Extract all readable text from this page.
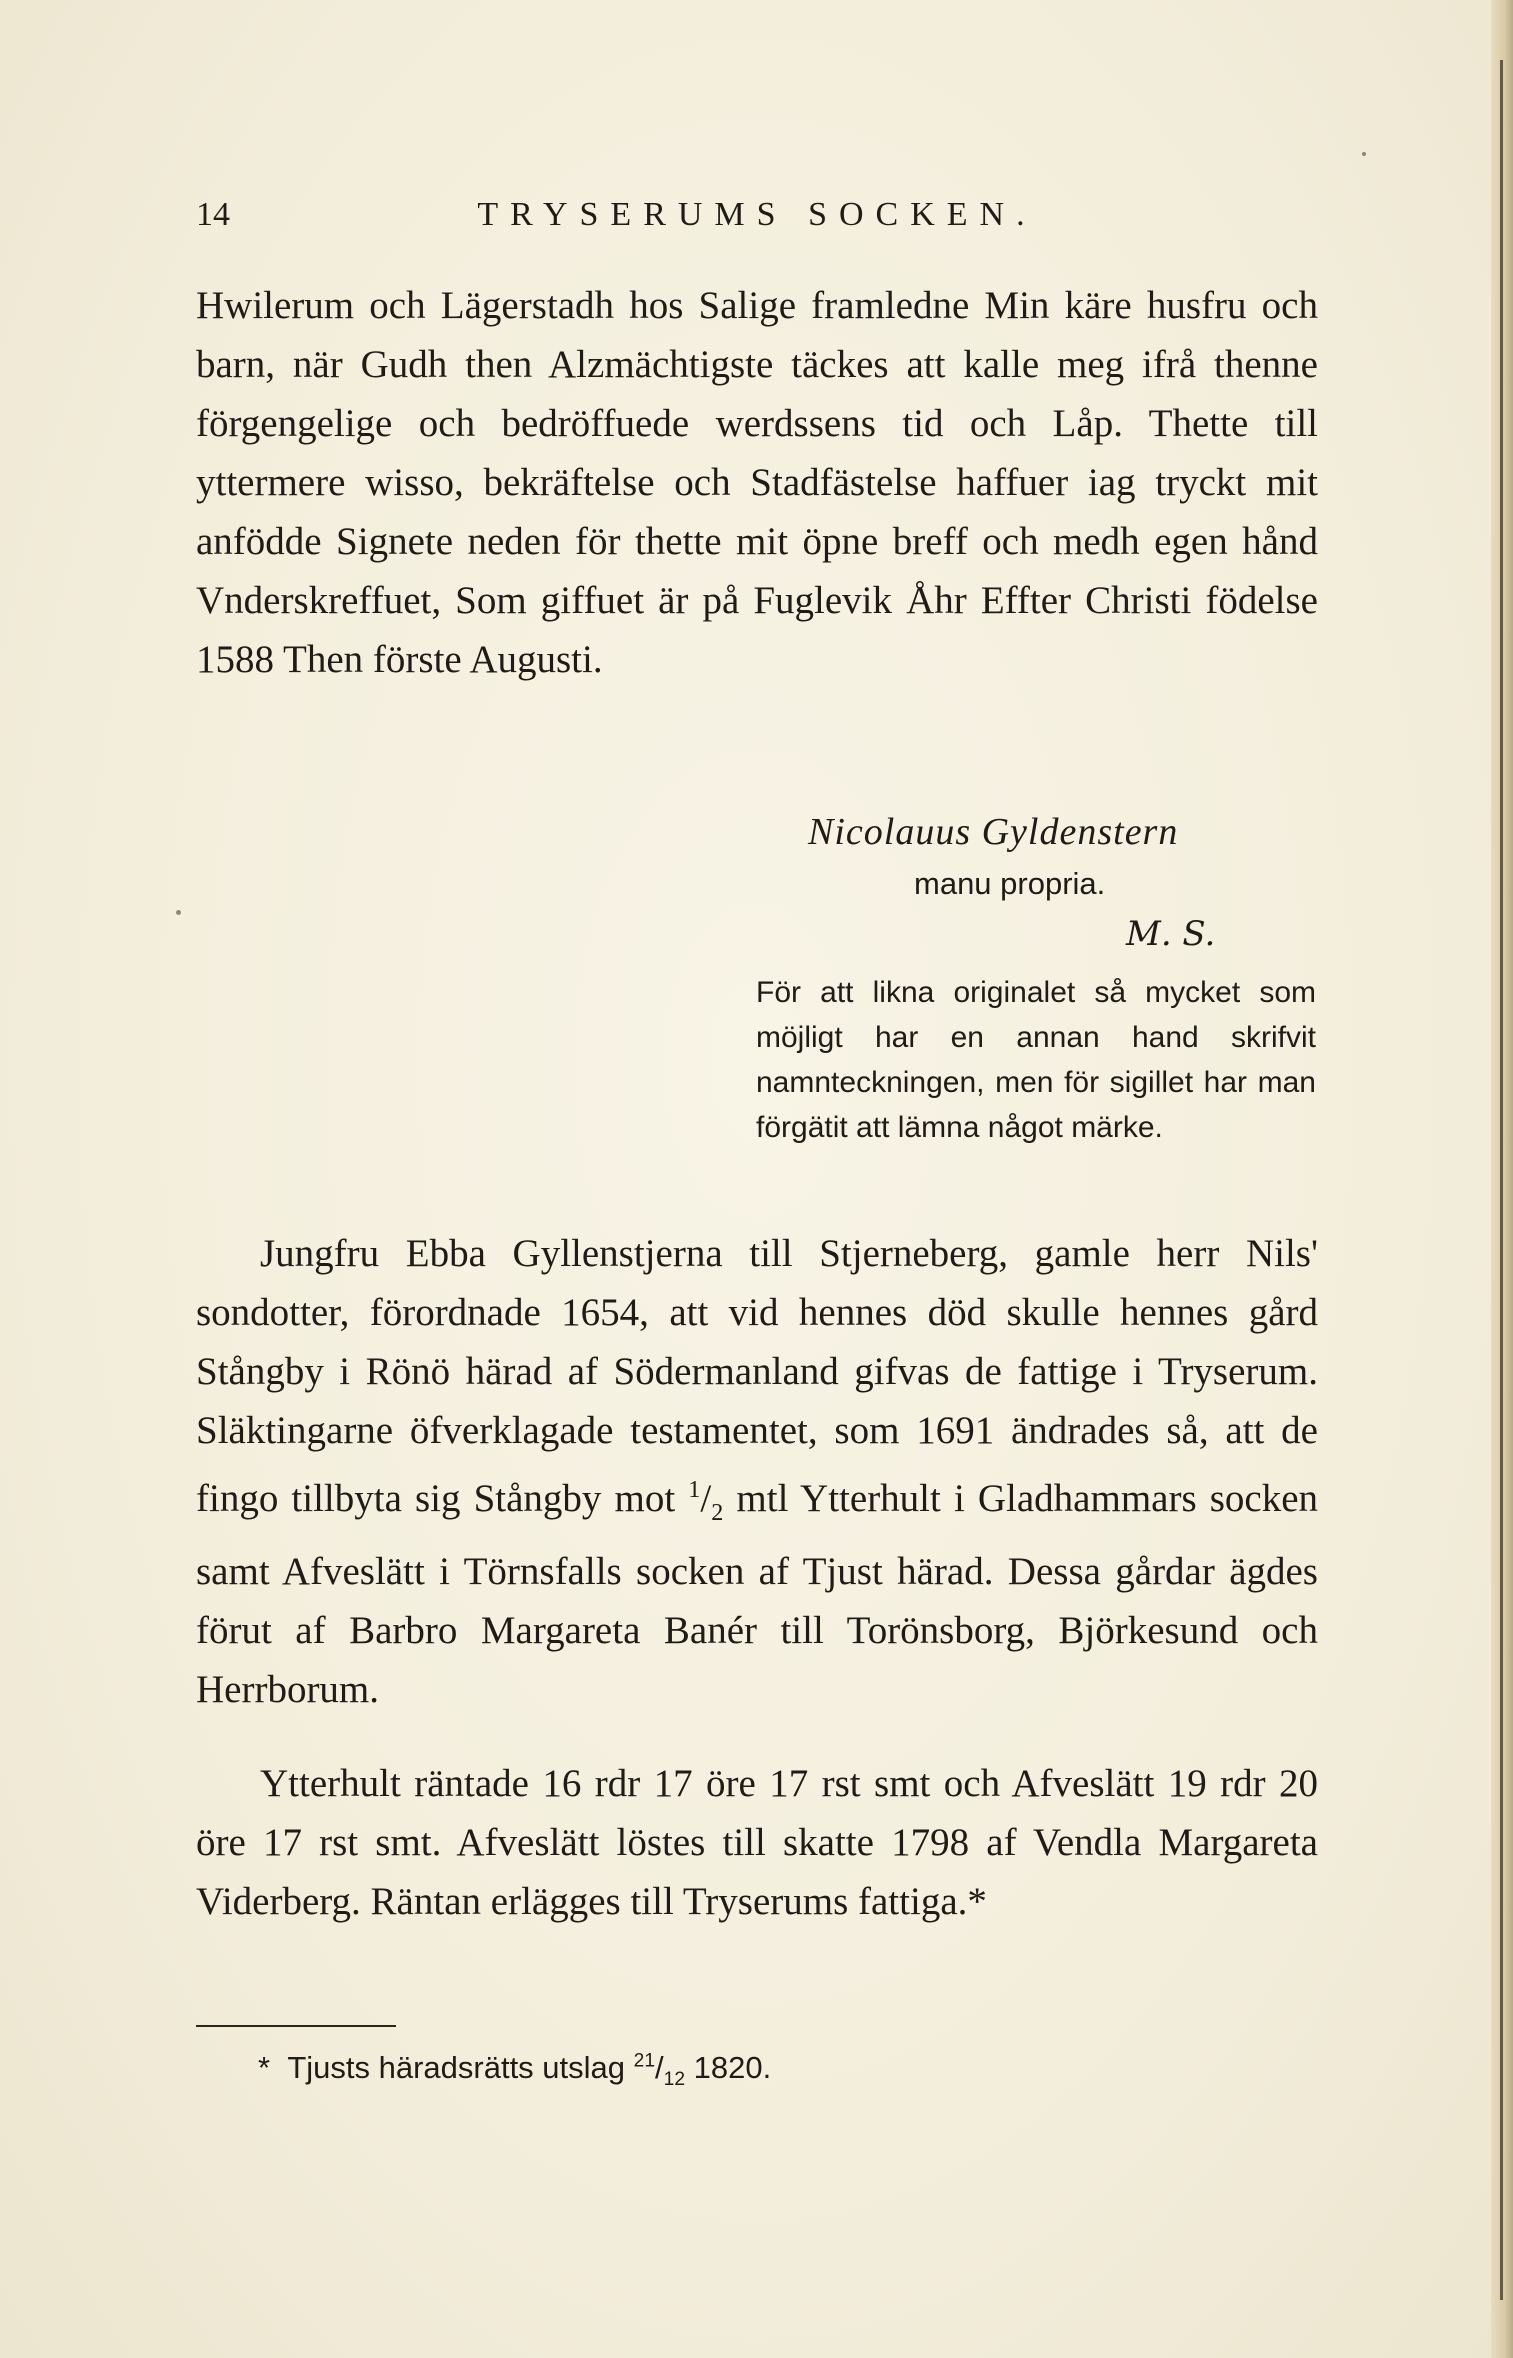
14	TRYSERUMS SOCKEN.

Hwilerum och Lägerstadh hos Salige framledne Min käre husfru och barn, när Gudh then Alzmächtigste täckes att kalle meg ifrå thenne förgengelige och bedröffuede werdssens tid och Låp. Thette till yttermere wisso, bekräftelse och Stadfästelse haffuer iag tryckt mit anfödde Signete neden för thette mit öpne breff och medh egen hånd Vnderskreffuet, Som giffuet är på Fuglevik Åhr Effter Christi födelse 1588 Then förste Augusti.

Nicolauus Gyldenstern
manu propria.
M. S.

För att likna originalet så mycket som möjligt har en annan hand skrifvit namnteckningen, men för sigillet har man förgätit att lämna något märke.

Jungfru Ebba Gyllenstjerna till Stjerneberg, gamle herr Nils' sondotter, förordnade 1654, att vid hennes död skulle hennes gård Stångby i Rönö härad af Södermanland gifvas de fattige i Tryserum. Släktingarne öfverklagade testamentet, som 1691 ändrades så, att de fingo tillbyta sig Stångby mot $^1/_2$ mtl Ytterhult i Gladhammars socken samt Afveslätt i Törnsfalls socken af Tjust härad. Dessa gårdar ägdes förut af Barbro Margareta Banér till Torönsborg, Björkesund och Herrborum.

Ytterhult räntade 16 rdr 17 öre 17 rst smt och Afveslätt 19 rdr 20 öre 17 rst smt. Afveslätt löstes till skatte 1798 af Vendla Margareta Viderberg. Räntan erlägges till Tryserums fattiga.*

* Tjusts häradsrätts utslag $^{21}/_{12}$ 1820.
